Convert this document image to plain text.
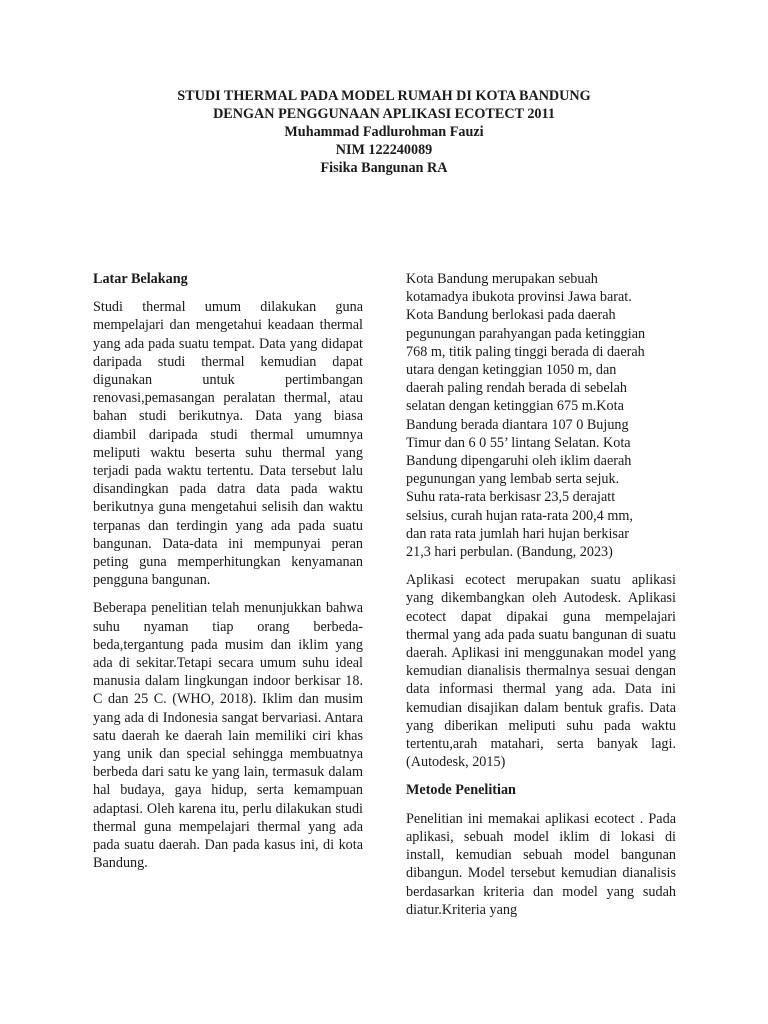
STUDI THERMAL PADA MODEL RUMAH DI KOTA BANDUNG
DENGAN PENGGUNAAN APLIKASI ECOTECT 2011
Muhammad Fadlurohman Fauzi
NIM 122240089
Fisika Bangunan RA
Latar Belakang

Studi thermal umum dilakukan guna mempelajari dan mengetahui keadaan thermal yang ada pada suatu tempat. Data yang didapat daripada studi thermal kemudian dapat digunakan untuk pertimbangan renovasi,pemasangan peralatan thermal, atau bahan studi berikutnya. Data yang biasa diambil daripada studi thermal umumnya meliputi waktu beserta suhu thermal yang terjadi pada waktu tertentu. Data tersebut lalu disandingkan pada datra data pada waktu berikutnya guna mengetahui selisih dan waktu terpanas dan terdingin yang ada pada suatu bangunan. Data-data ini mempunyai peran peting guna memperhitungkan kenyamanan pengguna bangunan.

Beberapa penelitian telah menunjukkan bahwa suhu nyaman tiap orang berbeda-beda,tergantung pada musim dan iklim yang ada di sekitar.Tetapi secara umum suhu ideal manusia dalam lingkungan indoor berkisar 18. C dan 25 C. (WHO, 2018). Iklim dan musim yang ada di Indonesia sangat bervariasi. Antara satu daerah ke daerah lain memiliki ciri khas yang unik dan special sehingga membuatnya berbeda dari satu ke yang lain, termasuk dalam hal budaya, gaya hidup, serta kemampuan adaptasi. Oleh karena itu, perlu dilakukan studi thermal guna mempelajari thermal yang ada pada suatu daerah. Dan pada kasus ini, di kota Bandung.

Kota Bandung merupakan sebuah
kotamadya ibukota provinsi Jawa barat.
Kota Bandung berlokasi pada daerah
pegunungan parahyangan pada ketinggian
768 m, titik paling tinggi berada di daerah
utara dengan ketinggian 1050 m, dan
daerah paling rendah berada di sebelah
selatan dengan ketinggian 675 m.Kota
Bandung berada diantara 107 0 Bujung
Timur dan 6 0 55’ lintang Selatan. Kota
Bandung dipengaruhi oleh iklim daerah
pegunungan yang lembab serta sejuk.
Suhu rata-rata berkisasr 23,5 derajatt
selsius, curah hujan rata-rata 200,4 mm,
dan rata rata jumlah hari hujan berkisar
21,3 hari perbulan. (Bandung, 2023)

Aplikasi ecotect merupakan suatu aplikasi yang dikembangkan oleh Autodesk. Aplikasi ecotect dapat dipakai guna mempelajari thermal yang ada pada suatu bangunan di suatu daerah. Aplikasi ini menggunakan model yang kemudian dianalisis thermalnya sesuai dengan data informasi thermal yang ada. Data ini kemudian disajikan dalam bentuk grafis. Data yang diberikan meliputi suhu pada waktu tertentu,arah matahari, serta banyak lagi. (Autodesk, 2015)

Metode Penelitian

Penelitian ini memakai aplikasi ecotect . Pada aplikasi, sebuah model iklim di lokasi di install, kemudian sebuah model bangunan dibangun. Model tersebut kemudian dianalisis berdasarkan kriteria dan model yang sudah diatur.Kriteria yang
